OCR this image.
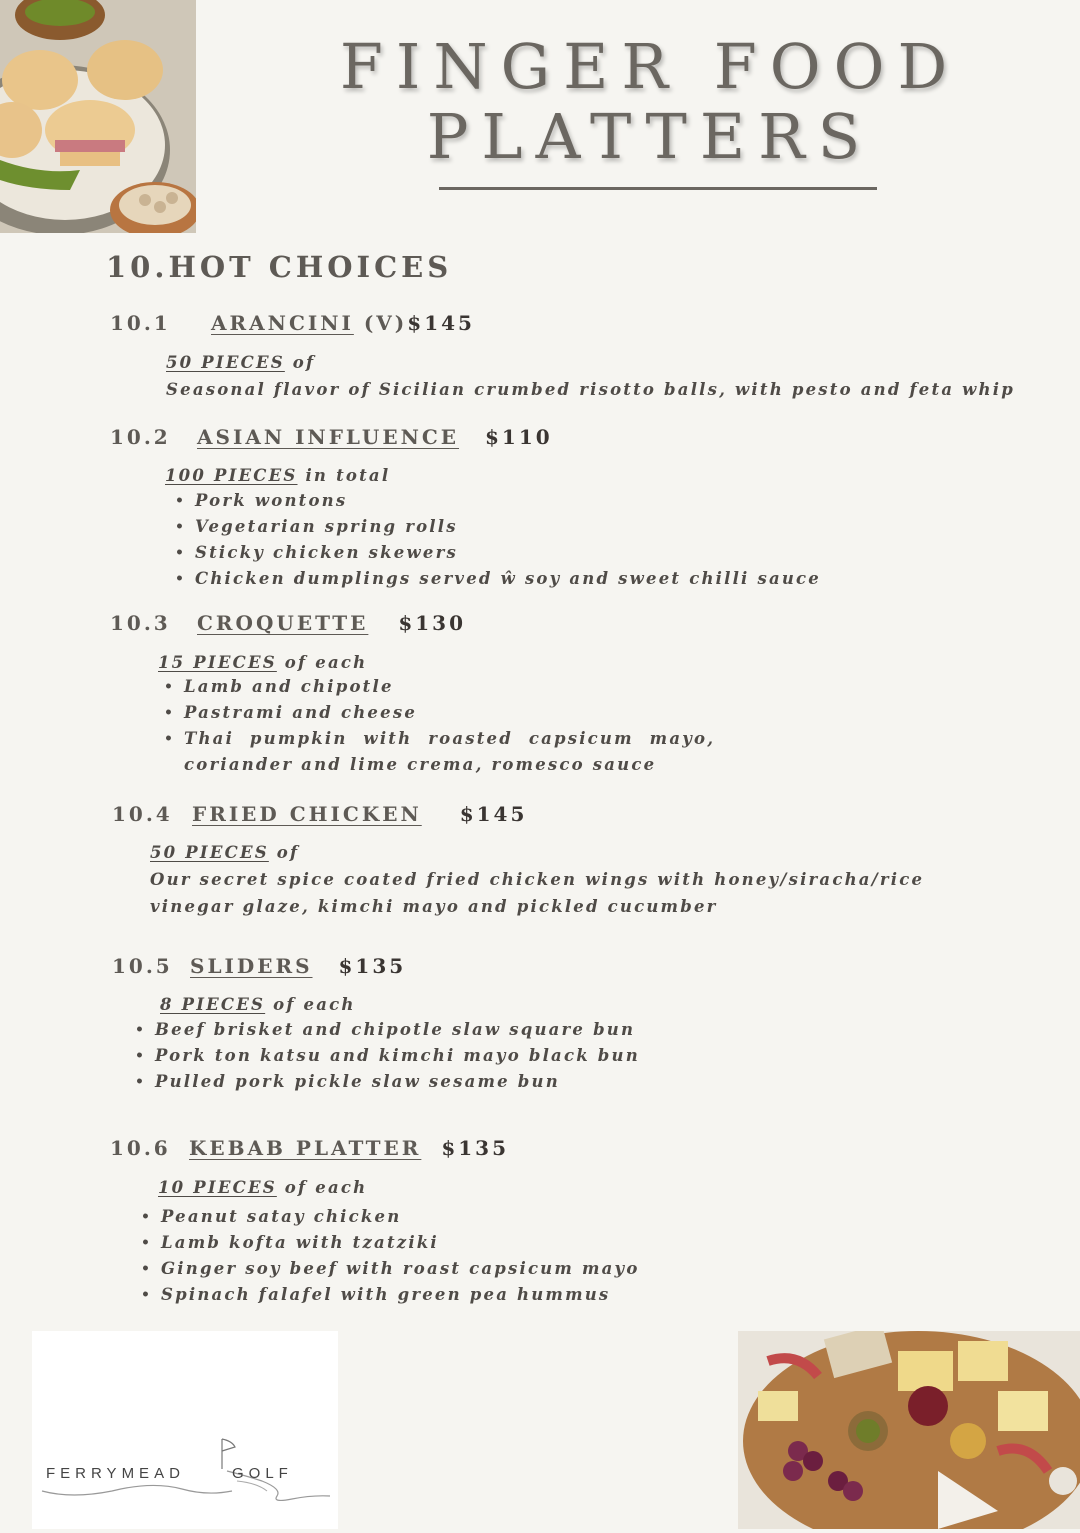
FINGER FOOD
PLATTERS
10.HOT CHOICES
10.1 ARANCINI (V)$145
50 PIECES of
Seasonal flavor of Sicilian crumbed risotto balls, with pesto and feta whip
10.2 ASIAN INFLUENCE $110
100 PIECES in total
• Pork wontons
• Vegetarian spring rolls
• Sticky chicken skewers
• Chicken dumplings served ŵ soy and sweet chilli sauce
10.3 CROQUETTE $130
15 PIECES of each
• Lamb and chipotle
• Pastrami and cheese
• Thai  pumpkin  with  roasted  capsicum  mayo,
coriander and lime crema, romesco sauce
10.4 FRIED CHICKEN $145
50 PIECES of
Our secret spice coated fried chicken wings with honey/siracha/rice
vinegar glaze, kimchi mayo and pickled cucumber
10.5 SLIDERS $135
8 PIECES of each
• Beef brisket and chipotle slaw square bun
• Pork ton katsu and kimchi mayo black bun
• Pulled pork pickle slaw sesame bun
10.6 KEBAB PLATTER $135
10 PIECES of each
• Peanut satay chicken
• Lamb kofta with tzatziki
• Ginger soy beef with roast capsicum mayo
• Spinach falafel with green pea hummus
FERRYMEAD	GOLF
